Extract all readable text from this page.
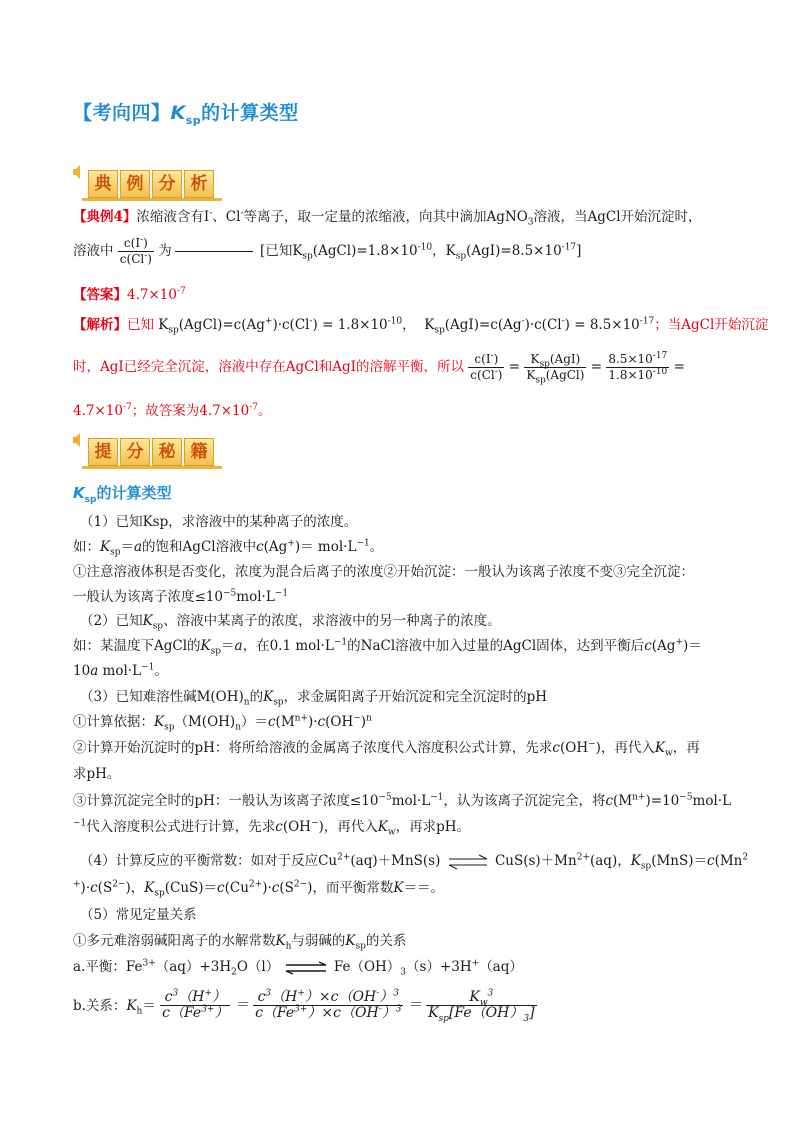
【考向四】$K_{sp}$的计算类型
典 例 分 析
【典例4】浓缩液含有I-、Cl-等离子，取一定量的浓缩液，向其中滴加AgNO$_3$溶液，当AgCl开始沉淀时，
溶液中 $\frac{c(I^-)}{c(Cl^-)}$ 为	[已知$K_{sp}(AgCl)=1.8\times 10^{-10}$，$K_{sp}(AgI)=8.5\times 10^{-17}$]
【答案】$4.7\times 10^{-7}$
【解析】已知 $K_{sp}(AgCl)=c(Ag^+)\cdot c(Cl^-) = 1.8\times 10^{-10}$，  $K_{sp}(AgI)=c(Ag^-)\cdot c(Cl^-) = 8.5\times 10^{-17}$；当AgCl开始沉淀
时，AgI已经完全沉淀，溶液中存在AgCl和AgI的溶解平衡，所以 $\frac{c(I^-)}{c(Cl^-)} = \frac{K_{sp}(AgI)}{K_{sp}(AgCl)} = \frac{8.5\times 10^{-17}}{1.8\times 10^{-10}}$ =
$4.7\times 10^{-7}$；故答案为$4.7\times 10^{-7}$。
提 分 秘 籍
$K_{sp}$的计算类型
（1）已知Ksp，求溶液中的某种离子的浓度。
如：$K_{sp}=a$的饱和AgCl溶液中$c(Ag^+)= mol\cdot L^{-1}$。
①注意溶液体积是否变化，浓度为混合后离子的浓度②开始沉淀：一般认为该离子浓度不变③完全沉淀：
一般认为该离子浓度$\le 10^{-5}mol\cdot L^{-1}$
（2）已知$K_{sp}$、溶液中某离子的浓度，求溶液中的另一种离子的浓度。
如：某温度下AgCl的$K_{sp}=a$，在0.1 $mol\cdot L^{-1}$的NaCl溶液中加入过量的AgCl固体，达到平衡后c(Ag+)＝
10a $mol\cdot L^{-1}$。
（3）已知难溶性碱$M(OH)_n$的$K_{sp}$，求金属阳离子开始沉淀和完全沉淀时的pH
①计算依据：$K_{sp}(M(OH)_n)=c(M^{n+})\cdot c(OH^-)^n$
②计算开始沉淀时的pH：将所给溶液的金属离子浓度代入溶度积公式计算，先求c(OH−)，再代入$K_w$，再
求pH。
③计算沉淀完全时的pH：一般认为该离子浓度$\le 10^{-5}mol\cdot L^{-1}$，认为该离子沉淀完全，将$c(M^{n+})=10^{-5}mol\cdot L$
$^{-1}$代入溶度积公式进行计算，先求c(OH−)，再代入$K_w$，再求pH。
（4）计算反应的平衡常数：如对于反应$Cu^{2+}(aq)+MnS(s)$ ⇌ $CuS(s)+Mn^{2+}(aq)$，$K_{sp}(MnS)=c(Mn^2$
$^+)\cdot c(S^{2-})$，$K_{sp}(CuS)=c(Cu^{2+})\cdot c(S^{2-})$，而平衡常数K＝＝。
（5）常见定量关系
①多元难溶弱碱阳离子的水解常数$K_h$与弱碱的$K_{sp}$的关系
a.平衡：$Fe^{3+}(aq)+3H_2O(l)$ ⇌ $Fe(OH)_3(s)+3H^+(aq)$
b.关系：$K_h= \frac{c^3(H^+)}{c(Fe^{3+})} = \frac{c^3(H^+)\times c(OH^-)^3}{c(Fe^{3+})\times c(OH^-)^3} = \frac{K_w^3}{K_{sp}[Fe(OH)_3]}$
